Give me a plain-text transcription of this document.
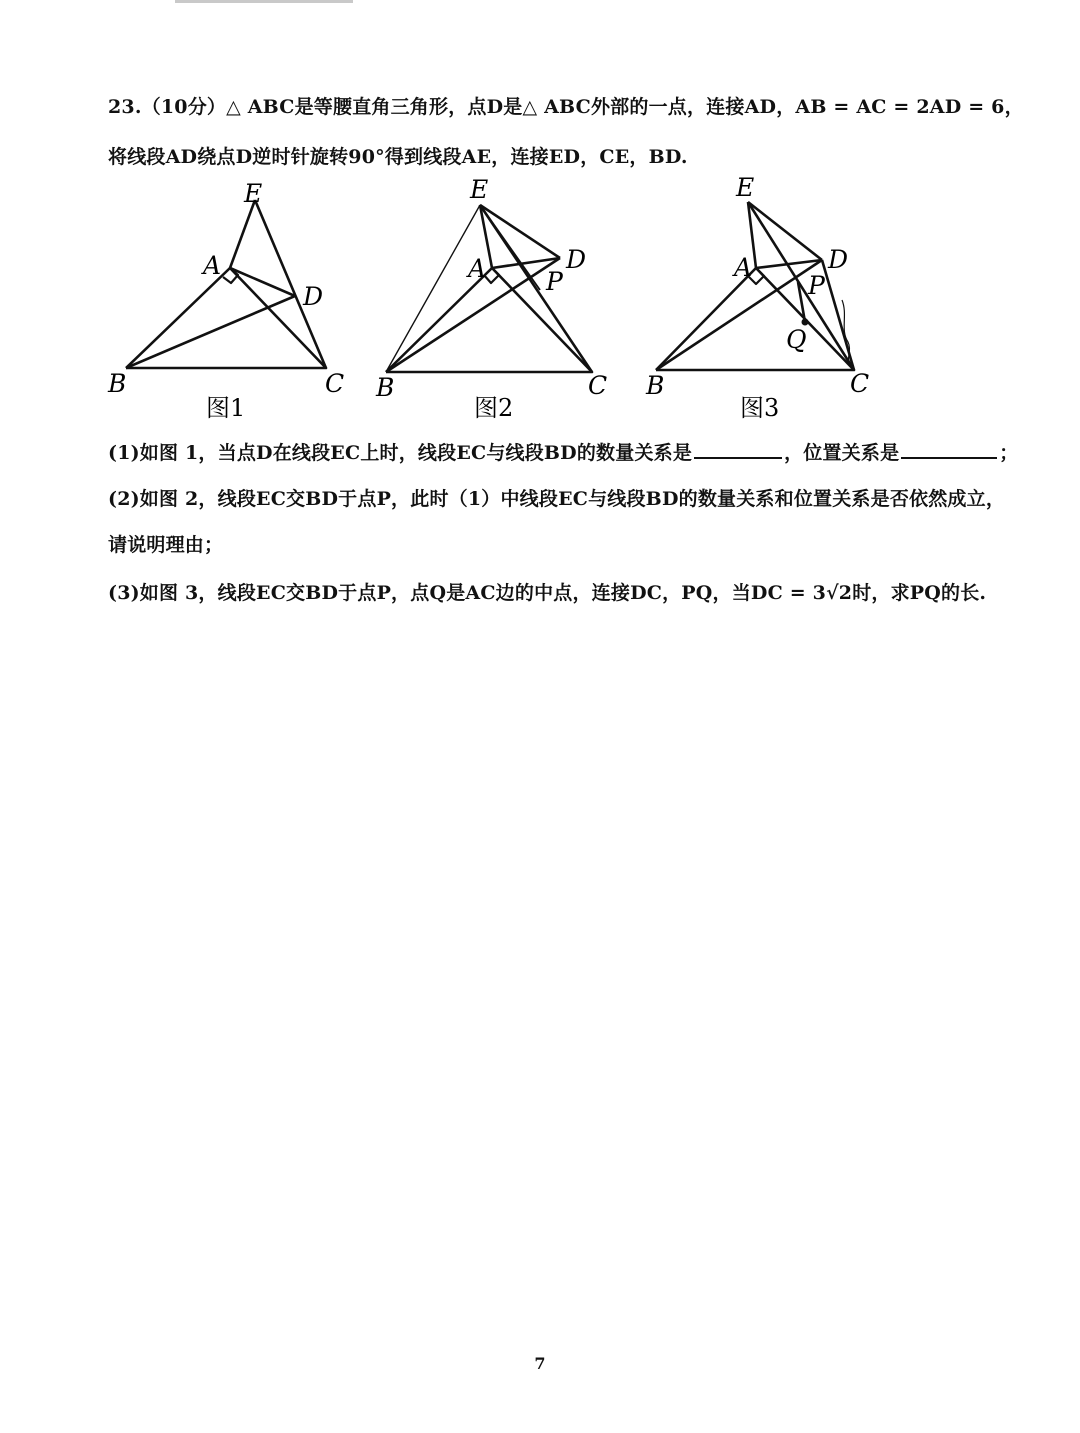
23.（10分）△ ABC是等腰直角三角形，点D是△ ABC外部的一点，连接AD，AB = AC = 2AD = 6，

将线段AD绕点D逆时针旋转90°得到线段AE，连接ED，CE，BD.

E
A
D
B	C
图1
E
A	D
P
B	C
图2
E
A	D
P
Q
B	C
图3

(1)如图 1，当点D在线段EC上时，线段EC与线段BD的数量关系是	，位置关系是	；

(2)如图 2，线段EC交BD于点P，此时（1）中线段EC与线段BD的数量关系和位置关系是否依然成立，

请说明理由；

(3)如图 3，线段EC交BD于点P，点Q是AC边的中点，连接DC，PQ，当DC = 3√2时，求PQ的长.

7
